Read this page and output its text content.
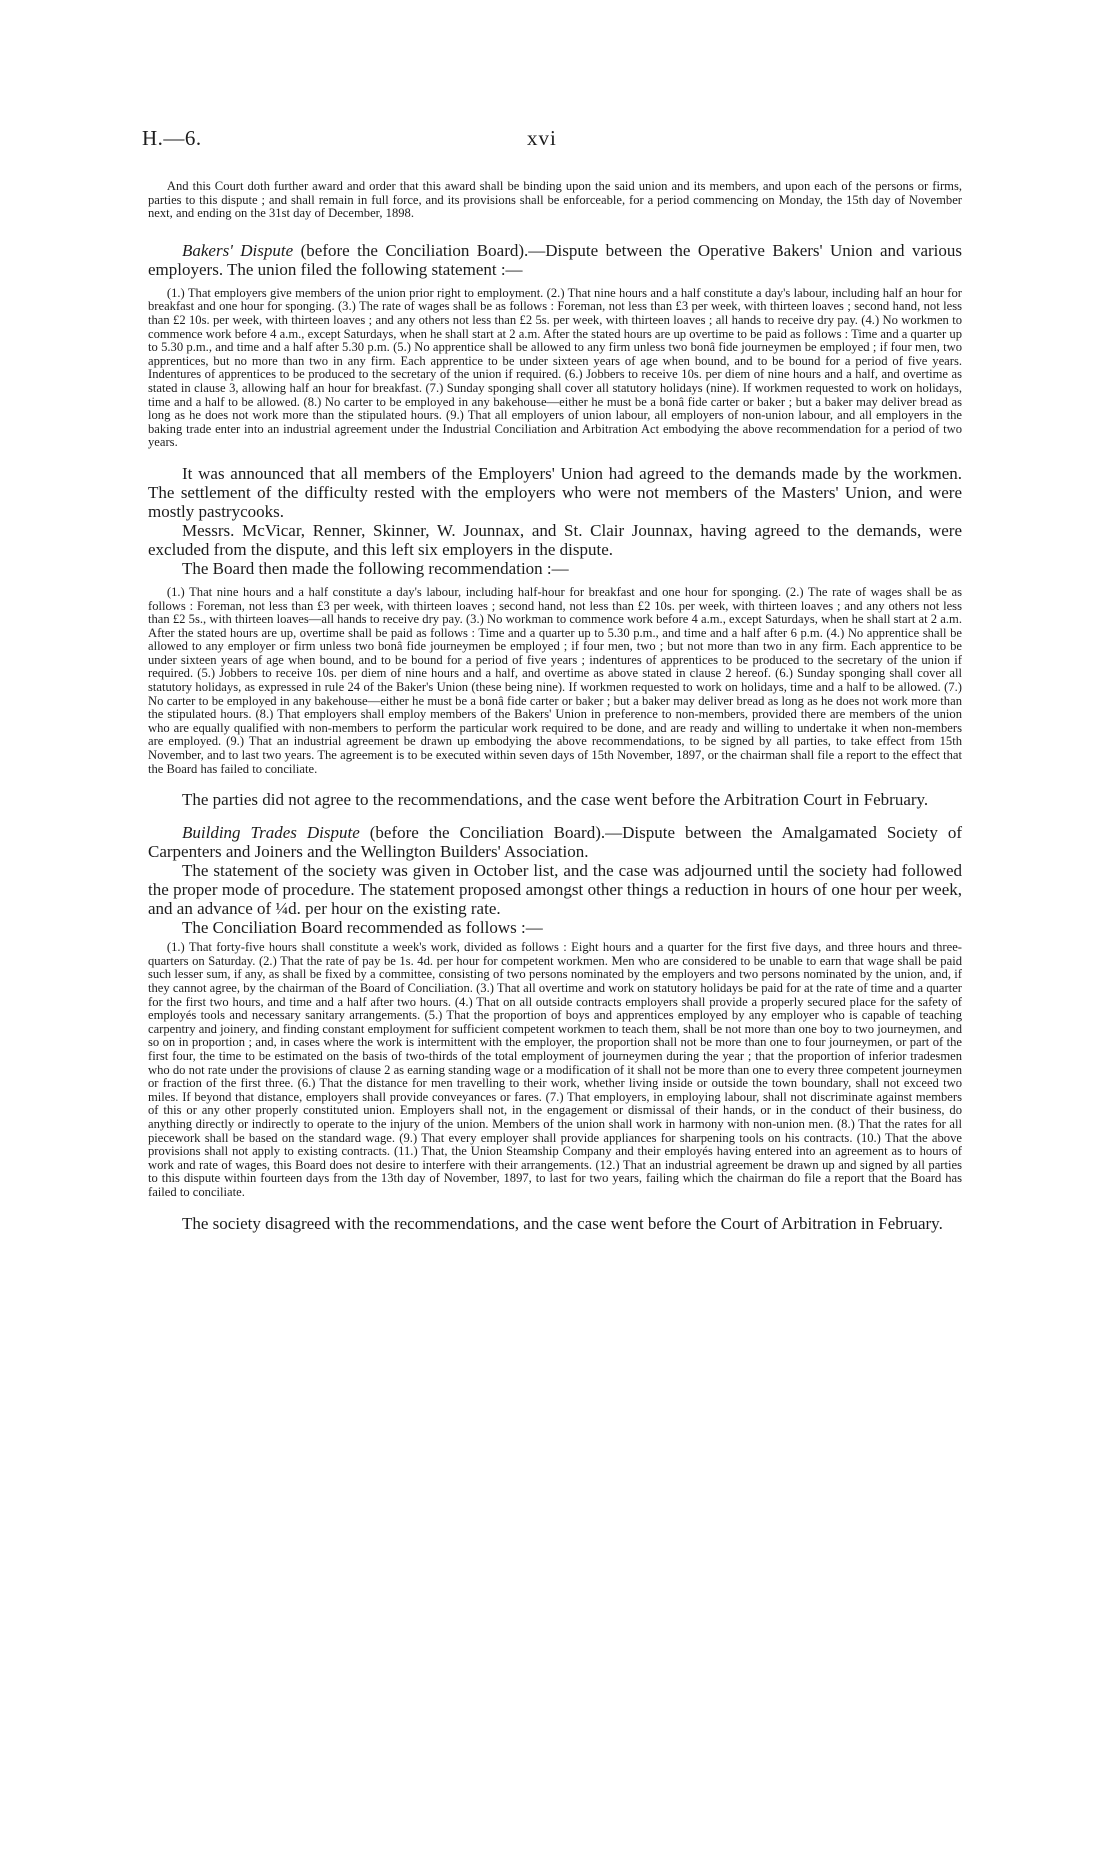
H.—6.	xvi

And this Court doth further award and order that this award shall be binding upon the said union and its members, and upon each of the persons or firms, parties to this dispute ; and shall remain in full force, and its provisions shall be enforceable, for a period commencing on Monday, the 15th day of November next, and ending on the 31st day of December, 1898.

Bakers' Dispute (before the Conciliation Board).—Dispute between the Operative Bakers' Union and various employers. The union filed the following statement :—

(1.) That employers give members of the union prior right to employment. (2.) That nine hours and a half constitute a day's labour, including half an hour for breakfast and one hour for sponging. (3.) The rate of wages shall be as follows : Foreman, not less than £3 per week, with thirteen loaves ; second hand, not less than £2 10s. per week, with thirteen loaves ; and any others not less than £2 5s. per week, with thirteen loaves ; all hands to receive dry pay. (4.) No workmen to commence work before 4 a.m., except Saturdays, when he shall start at 2 a.m. After the stated hours are up overtime to be paid as follows : Time and a quarter up to 5.30 p.m., and time and a half after 5.30 p.m. (5.) No apprentice shall be allowed to any firm unless two bonâ fide journeymen be employed ; if four men, two apprentices, but no more than two in any firm. Each apprentice to be under sixteen years of age when bound, and to be bound for a period of five years. Indentures of apprentices to be produced to the secretary of the union if required. (6.) Jobbers to receive 10s. per diem of nine hours and a half, and overtime as stated in clause 3, allowing half an hour for breakfast. (7.) Sunday sponging shall cover all statutory holidays (nine). If workmen requested to work on holidays, time and a half to be allowed. (8.) No carter to be employed in any bakehouse—either he must be a bonâ fide carter or baker ; but a baker may deliver bread as long as he does not work more than the stipulated hours. (9.) That all employers of union labour, all employers of non-union labour, and all employers in the baking trade enter into an industrial agreement under the Industrial Conciliation and Arbitration Act embodying the above recommendation for a period of two years.

It was announced that all members of the Employers' Union had agreed to the demands made by the workmen. The settlement of the difficulty rested with the employers who were not members of the Masters' Union, and were mostly pastrycooks.

Messrs. McVicar, Renner, Skinner, W. Jounnax, and St. Clair Jounnax, having agreed to the demands, were excluded from the dispute, and this left six employers in the dispute.

The Board then made the following recommendation :—

(1.) That nine hours and a half constitute a day's labour, including half-hour for breakfast and one hour for sponging. (2.) The rate of wages shall be as follows : Foreman, not less than £3 per week, with thirteen loaves ; second hand, not less than £2 10s. per week, with thirteen loaves ; and any others not less than £2 5s., with thirteen loaves—all hands to receive dry pay. (3.) No workman to commence work before 4 a.m., except Saturdays, when he shall start at 2 a.m. After the stated hours are up, overtime shall be paid as follows : Time and a quarter up to 5.30 p.m., and time and a half after 6 p.m. (4.) No apprentice shall be allowed to any employer or firm unless two bonâ fide journeymen be employed ; if four men, two ; but not more than two in any firm. Each apprentice to be under sixteen years of age when bound, and to be bound for a period of five years ; indentures of apprentices to be produced to the secretary of the union if required. (5.) Jobbers to receive 10s. per diem of nine hours and a half, and overtime as above stated in clause 2 hereof. (6.) Sunday sponging shall cover all statutory holidays, as expressed in rule 24 of the Baker's Union (these being nine). If workmen requested to work on holidays, time and a half to be allowed. (7.) No carter to be employed in any bakehouse—either he must be a bonâ fide carter or baker ; but a baker may deliver bread as long as he does not work more than the stipulated hours. (8.) That employers shall employ members of the Bakers' Union in preference to non-members, provided there are members of the union who are equally qualified with non-members to perform the particular work required to be done, and are ready and willing to undertake it when non-members are employed. (9.) That an industrial agreement be drawn up embodying the above recommendations, to be signed by all parties, to take effect from 15th November, and to last two years. The agreement is to be executed within seven days of 15th November, 1897, or the chairman shall file a report to the effect that the Board has failed to conciliate.

The parties did not agree to the recommendations, and the case went before the Arbitration Court in February.

Building Trades Dispute (before the Conciliation Board).—Dispute between the Amalgamated Society of Carpenters and Joiners and the Wellington Builders' Association.

The statement of the society was given in October list, and the case was adjourned until the society had followed the proper mode of procedure. The statement proposed amongst other things a reduction in hours of one hour per week, and an advance of ¼d. per hour on the existing rate.

The Conciliation Board recommended as follows :—

(1.) That forty-five hours shall constitute a week's work, divided as follows : Eight hours and a quarter for the first five days, and three hours and three-quarters on Saturday. (2.) That the rate of pay be 1s. 4d. per hour for competent workmen. Men who are considered to be unable to earn that wage shall be paid such lesser sum, if any, as shall be fixed by a committee, consisting of two persons nominated by the employers and two persons nominated by the union, and, if they cannot agree, by the chairman of the Board of Conciliation. (3.) That all overtime and work on statutory holidays be paid for at the rate of time and a quarter for the first two hours, and time and a half after two hours. (4.) That on all outside contracts employers shall provide a properly secured place for the safety of employés tools and necessary sanitary arrangements. (5.) That the proportion of boys and apprentices employed by any employer who is capable of teaching carpentry and joinery, and finding constant employment for sufficient competent workmen to teach them, shall be not more than one boy to two journeymen, and so on in proportion ; and, in cases where the work is intermittent with the employer, the proportion shall not be more than one to four journeymen, or part of the first four, the time to be estimated on the basis of two-thirds of the total employment of journeymen during the year ; that the proportion of inferior tradesmen who do not rate under the provisions of clause 2 as earning standing wage or a modification of it shall not be more than one to every three competent journeymen or fraction of the first three. (6.) That the distance for men travelling to their work, whether living inside or outside the town boundary, shall not exceed two miles. If beyond that distance, employers shall provide conveyances or fares. (7.) That employers, in employing labour, shall not discriminate against members of this or any other properly constituted union. Employers shall not, in the engagement or dismissal of their hands, or in the conduct of their business, do anything directly or indirectly to operate to the injury of the union. Members of the union shall work in harmony with non-union men. (8.) That the rates for all piecework shall be based on the standard wage. (9.) That every employer shall provide appliances for sharpening tools on his contracts. (10.) That the above provisions shall not apply to existing contracts. (11.) That, the Union Steamship Company and their employés having entered into an agreement as to hours of work and rate of wages, this Board does not desire to interfere with their arrangements. (12.) That an industrial agreement be drawn up and signed by all parties to this dispute within fourteen days from the 13th day of November, 1897, to last for two years, failing which the chairman do file a report that the Board has failed to conciliate.

The society disagreed with the recommendations, and the case went before the Court of Arbitration in February.
